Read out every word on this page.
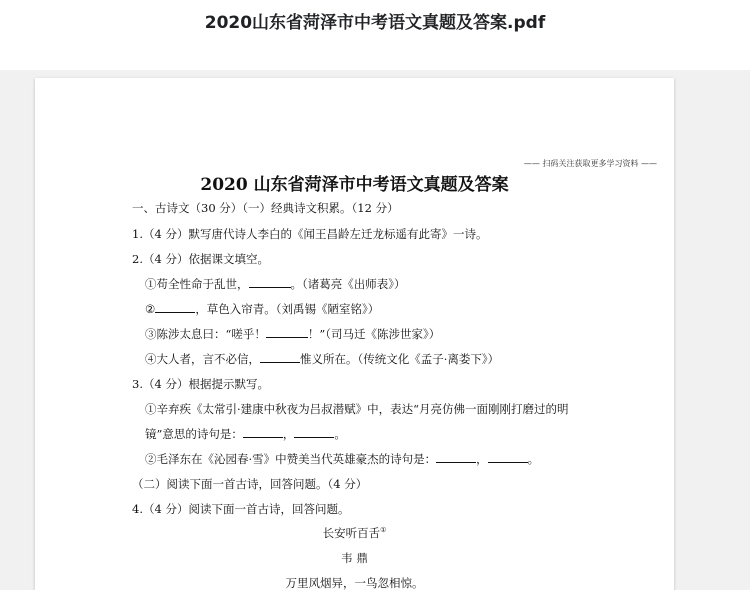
2020山东省菏泽市中考语文真题及答案.pdf
—— 扫码关注获取更多学习资料 ——
2020 山东省菏泽市中考语文真题及答案
一、古诗文（30 分）（一）经典诗文积累。（12 分）
1.（4 分）默写唐代诗人李白的《闻王昌龄左迁龙标遥有此寄》一诗。
2.（4 分）依据课文填空。
①苟全性命于乱世，	。（诸葛亮《出师表》）
②	，草色入帘青。（刘禹锡《陋室铭》）
③陈涉太息曰：“嗟乎！	！”（司马迁《陈涉世家》）
④大人者，言不必信，	惟义所在。（传统文化《孟子·离娄下》）
3.（4 分）根据提示默写。
①辛弃疾《太常引·建康中秋夜为吕叔潜赋》中，表达“月亮仿佛一面刚刚打磨过的明
镜”意思的诗句是：	，	。
②毛泽东在《沁园春·雪》中赞美当代英雄豪杰的诗句是：	，	。
（二）阅读下面一首古诗，回答问题。（4 分）
4.（4 分）阅读下面一首古诗，回答问题。
长安听百舌①
韦 鼎
万里风烟异，一鸟忽相惊。
